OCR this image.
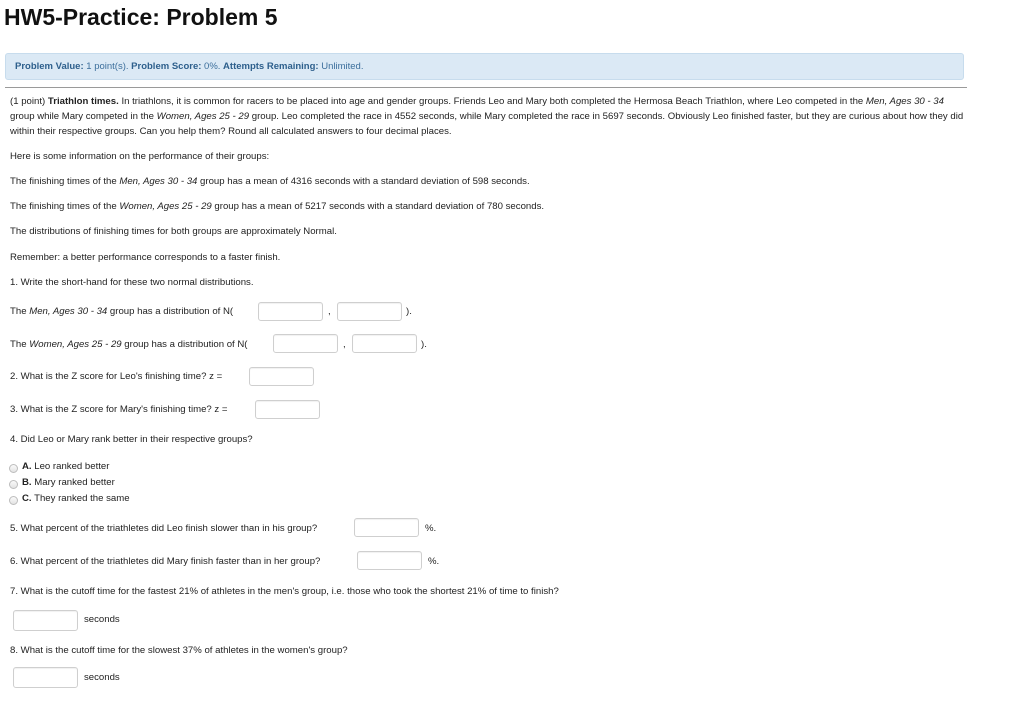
HW5-Practice: Problem 5
Problem Value: 1 point(s). Problem Score: 0%. Attempts Remaining: Unlimited.
(1 point) Triathlon times. In triathlons, it is common for racers to be placed into age and gender groups. Friends Leo and Mary both completed the Hermosa Beach Triathlon, where Leo competed in the Men, Ages 30 - 34 group while Mary competed in the Women, Ages 25 - 29 group. Leo completed the race in 4552 seconds, while Mary completed the race in 5697 seconds. Obviously Leo finished faster, but they are curious about how they did within their respective groups. Can you help them? Round all calculated answers to four decimal places.
Here is some information on the performance of their groups:
The finishing times of the Men, Ages 30 - 34 group has a mean of 4316 seconds with a standard deviation of 598 seconds.
The finishing times of the Women, Ages 25 - 29 group has a mean of 5217 seconds with a standard deviation of 780 seconds.
The distributions of finishing times for both groups are approximately Normal.
Remember: a better performance corresponds to a faster finish.
1. Write the short-hand for these two normal distributions.
The Men, Ages 30 - 34 group has a distribution of N(	,	).
The Women, Ages 25 - 29 group has a distribution of N(	,	).
2. What is the Z score for Leo's finishing time? z =
3. What is the Z score for Mary's finishing time? z =
4. Did Leo or Mary rank better in their respective groups?
A. Leo ranked better
B. Mary ranked better
C. They ranked the same
5. What percent of the triathletes did Leo finish slower than in his group?	%.
6. What percent of the triathletes did Mary finish faster than in her group?	%.
7. What is the cutoff time for the fastest 21% of athletes in the men's group, i.e. those who took the shortest 21% of time to finish?
seconds
8. What is the cutoff time for the slowest 37% of athletes in the women's group?
seconds
